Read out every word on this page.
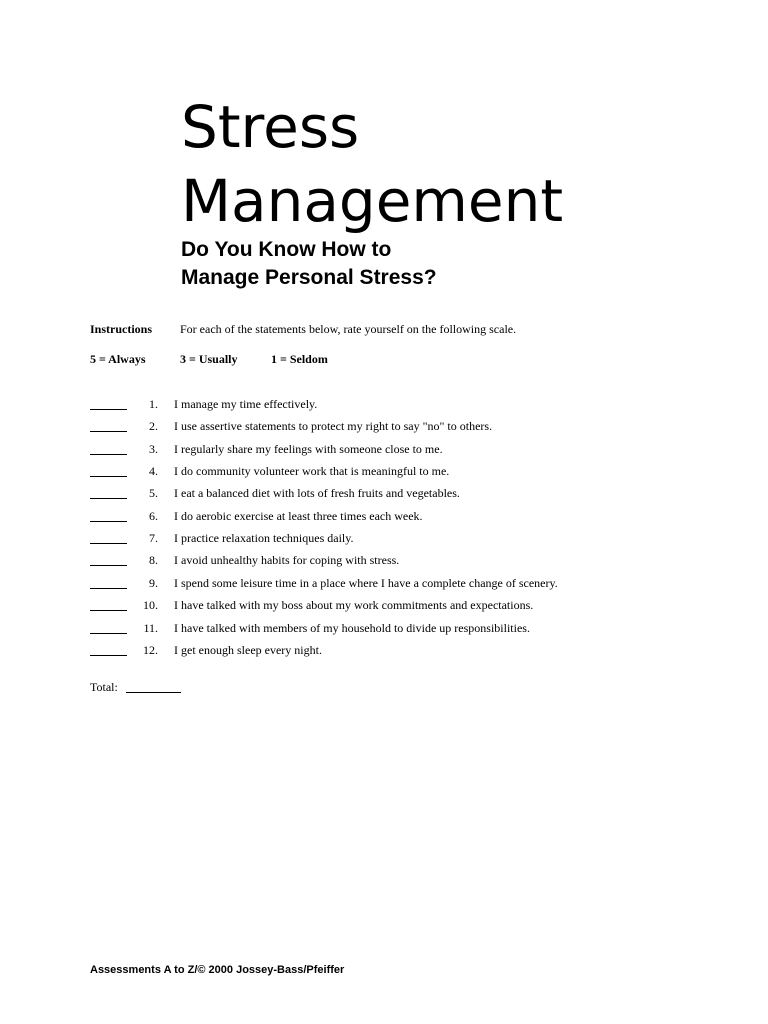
Stress
Management
Do You Know How to
Manage Personal Stress?
Instructions For each of the statements below, rate yourself on the following scale.
5 = Always	3 = Usually	1 = Seldom
1. I manage my time effectively.
2. I use assertive statements to protect my right to say "no" to others.
3. I regularly share my feelings with someone close to me.
4. I do community volunteer work that is meaningful to me.
5. I eat a balanced diet with lots of fresh fruits and vegetables.
6. I do aerobic exercise at least three times each week.
7. I practice relaxation techniques daily.
8. I avoid unhealthy habits for coping with stress.
9. I spend some leisure time in a place where I have a complete change of scenery.
10. I have talked with my boss about my work commitments and expectations.
11. I have talked with members of my household to divide up responsibilities.
12. I get enough sleep every night.
Total:
Assessments A to Z/© 2000 Jossey-Bass/Pfeiffer
